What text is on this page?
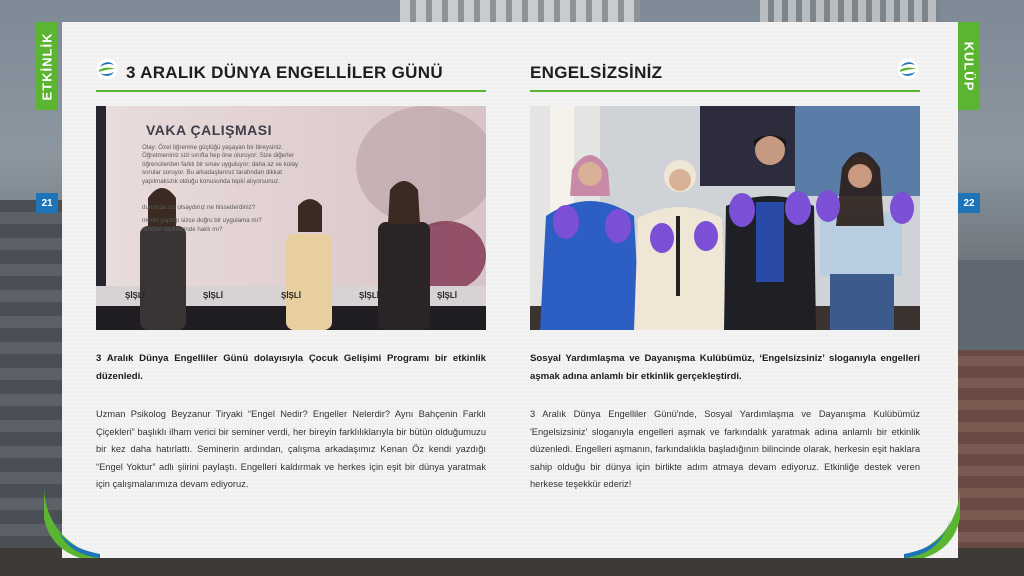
ETKİNLİK	KULÜP
21	22
3 ARALIK DÜNYA ENGELLİLER GÜNÜ	ENGELSİZSİNİZ
VAKA ÇALIŞMASI
Olay: Özel öğrenme güçlüğü yaşayan bir bireysiniz.
Öğretmeniniz sizi sınıfta hep öne oluruyor: Size diğerler
öğrencilerden farklı bir sınav uyguluyor; daha az ve kolay
sorular soruyor. Bu arkadaşlarınız tarafından dikkat
yapılmakszık olduğu konusunda tepki alıyorsunuz.
durumda siz olsaydınız ne hissederdiniz?
menin yaptığı sizce doğru bir uygulama mı?
renciler tepkilerinde haklı mı?
ŞİŞLİ	ŞİŞLİ	ŞİŞLİ	ŞİŞLİ	ŞİŞLİ

3 Aralık Dünya Engelliler Günü dolayısıyla Çocuk Gelişimi Programı bir etkinlik düzenledi.

Sosyal Yardımlaşma ve Dayanışma Kulübümüz, ‘Engelsizsiniz’ sloganıyla engelleri aşmak adına anlamlı bir etkinlik gerçekleştirdi.

Uzman Psikolog Beyzanur Tiryaki “Engel Nedir? Engeller Nelerdir? Aynı Bahçenin Farklı Çiçekleri” başlıklı ilham verici bir seminer verdi, her bireyin farklılıklarıyla bir bütün olduğumuzu bir kez daha hatırlattı. Seminerin ardından, çalışma arkadaşımız Kenan Öz kendi yazdığı “Engel Yoktur” adlı şiirini paylaştı. Engelleri kaldırmak ve herkes için eşit bir dünya yaratmak için çalışmalarımıza devam ediyoruz.

3 Aralık Dünya Engelliler Günü'nde, Sosyal Yardımlaşma ve Dayanışma Kulübümüz 'Engelsizsiniz' sloganıyla engelleri aşmak ve farkındalık yaratmak adına anlamlı bir etkinlik düzenledi. Engelleri aşmanın, farkındalıkla başladığının bilincinde olarak, herkesin eşit haklara sahip olduğu bir dünya için birlikte adım atmaya devam ediyoruz. Etkinliğe destek veren herkese teşekkür ederiz!
